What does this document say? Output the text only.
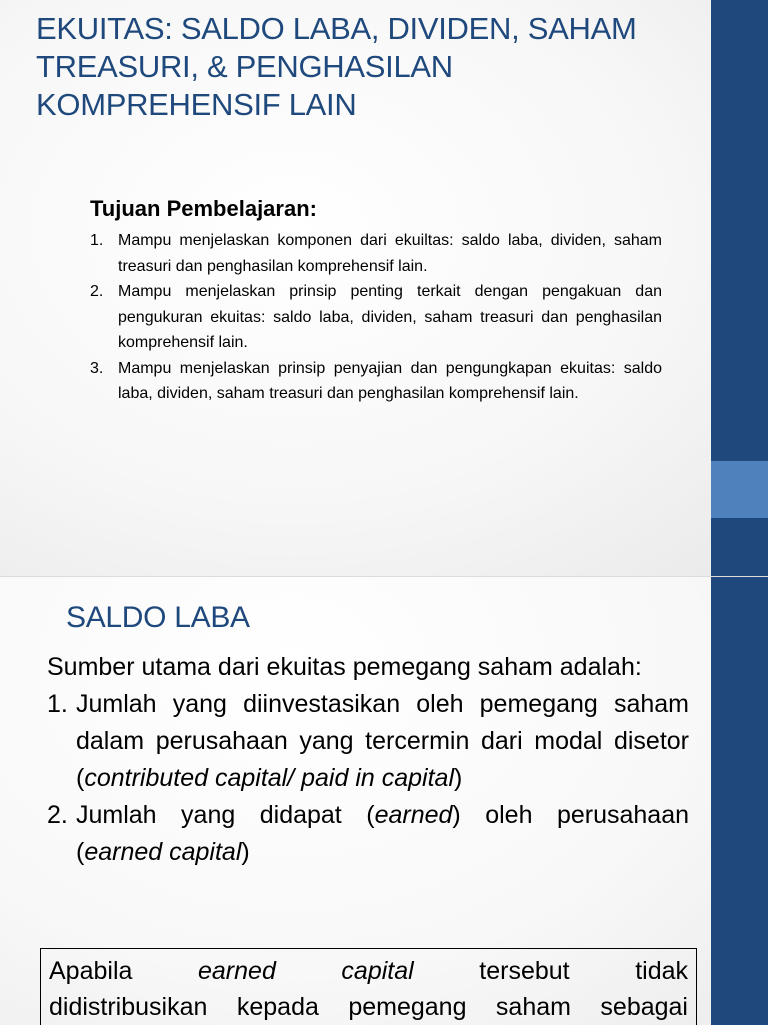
EKUITAS: SALDO LABA, DIVIDEN, SAHAM TREASURI, & PENGHASILAN KOMPREHENSIF LAIN

Tujuan Pembelajaran:

1. Mampu menjelaskan komponen dari ekuiltas: saldo laba, dividen, saham treasuri dan penghasilan komprehensif lain.
2. Mampu menjelaskan prinsip penting terkait dengan pengakuan dan pengukuran ekuitas: saldo laba, dividen, saham treasuri dan penghasilan komprehensif lain.
3. Mampu menjelaskan prinsip penyajian dan pengungkapan ekuitas: saldo laba, dividen, saham treasuri dan penghasilan komprehensif lain.
SALDO LABA

Sumber utama dari ekuitas pemegang saham adalah:

1. Jumlah yang diinvestasikan oleh pemegang saham dalam perusahaan yang tercermin dari modal disetor (contributed capital/ paid in capital)
2. Jumlah yang didapat (earned) oleh perusahaan (earned capital)
Apabila	earned capital	tersebut tidak
didistribusikan kepada pemegang saham sebagai
